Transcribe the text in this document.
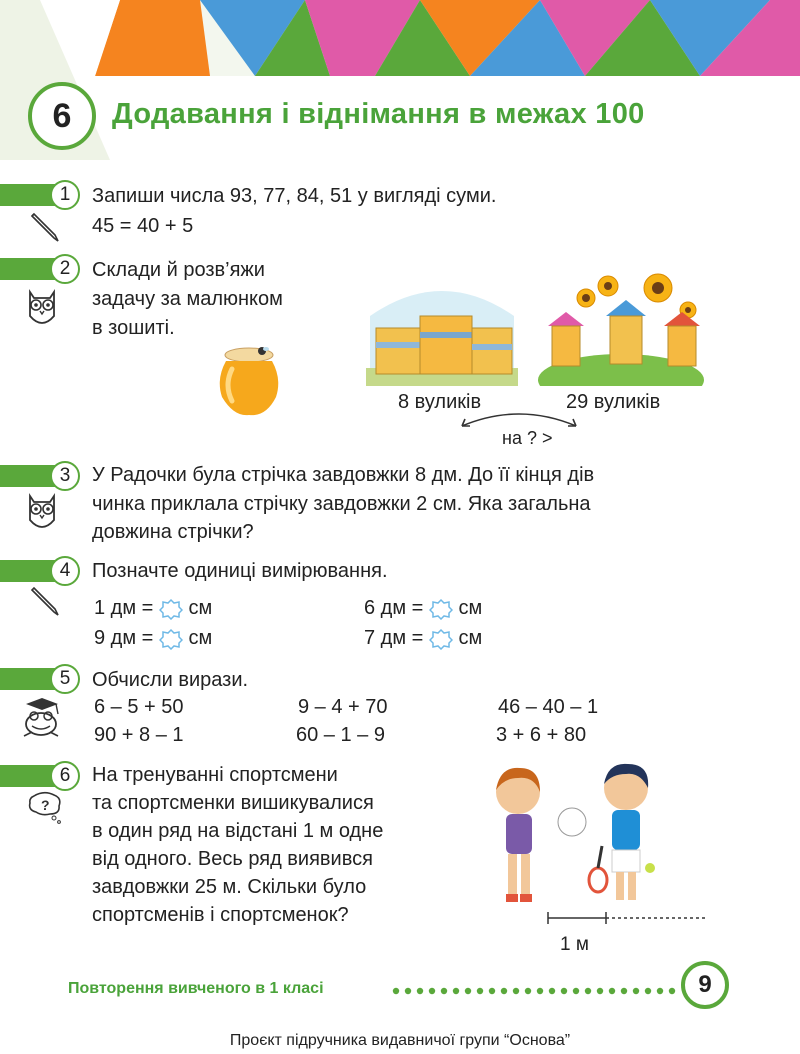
6	Додавання і віднімання в межах 100
1	Запиши числа 93, 77, 84, 51 у вигляді суми.
45 = 40 + 5
2	Склади й розв’яжи
задачу за малюнком
в зошиті.
8 вуликів	29 вуликів
на ? >
3	У Радочки була стрічка завдовжки 8 дм. До її кінця дів
чинка приклала стрічку завдовжки 2 см. Яка загальна
довжина стрічки?
4	Позначте одиниці вимірювання.
1 дм = см	6 дм = см
9 дм = см	7 дм = см
5	Обчисли вирази.
6 – 5 + 50	9 – 4 + 70	46 – 40 – 1
90 + 8 – 1	60 – 1 – 9	3 + 6 + 80
6
?
На тренуванні спортсмени
та спортсменки вишикувалися
в один ряд на відстані 1 м одне
від одного. Весь ряд виявився
завдовжки 25 м. Скільки було
спортсменів і спортсменок?
1 м
Повторення вивченого в 1 класі	9
Проєкт підручника видавничої групи “Основа”
